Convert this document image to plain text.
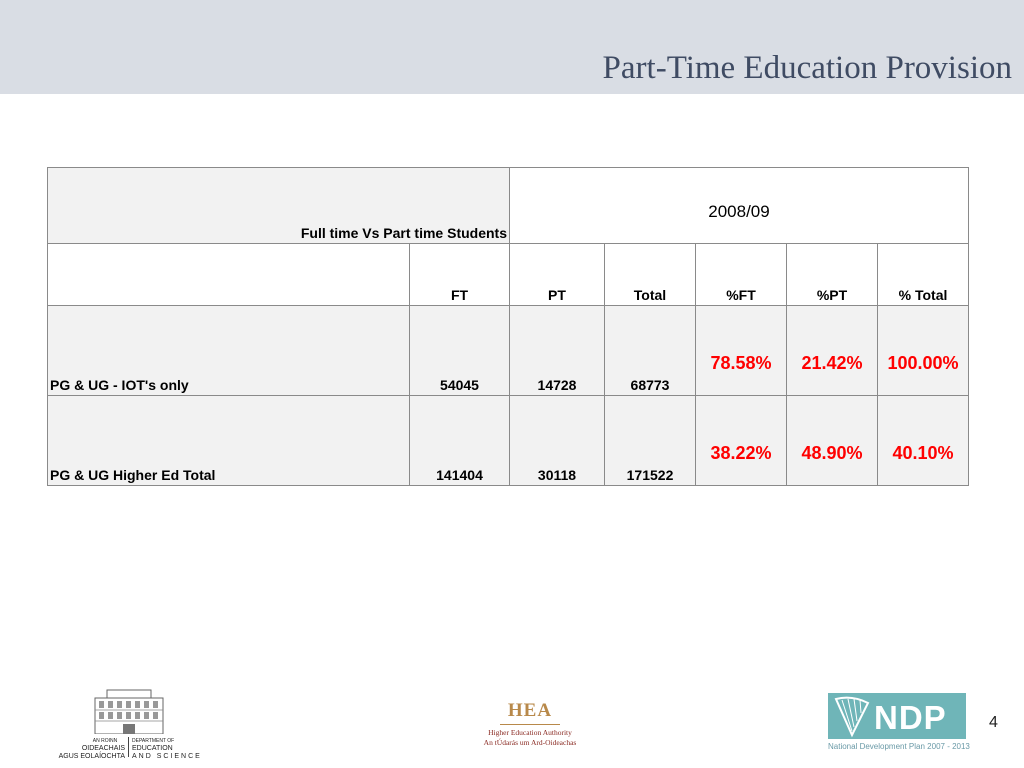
Part-Time Education Provision
Full time Vs Part time Students		2008/09				
	FT	PT	Total	%FT	%PT	% Total
PG & UG - IOT's only	54045	14728	68773	78.58%	21.42%	100.00%
PG & UG Higher Ed Total	141404	30118	171522	38.22%	48.90%	40.10%
AN ROINN
OIDEACHAIS
AGUS EOLAÍOCHTA
DEPARTMENT OF
EDUCATION
AND SCIENCE
HEA
Higher Education Authority
An tÚdarás um Ard-Oideachas
NDP
National Development Plan 2007 - 2013
4
